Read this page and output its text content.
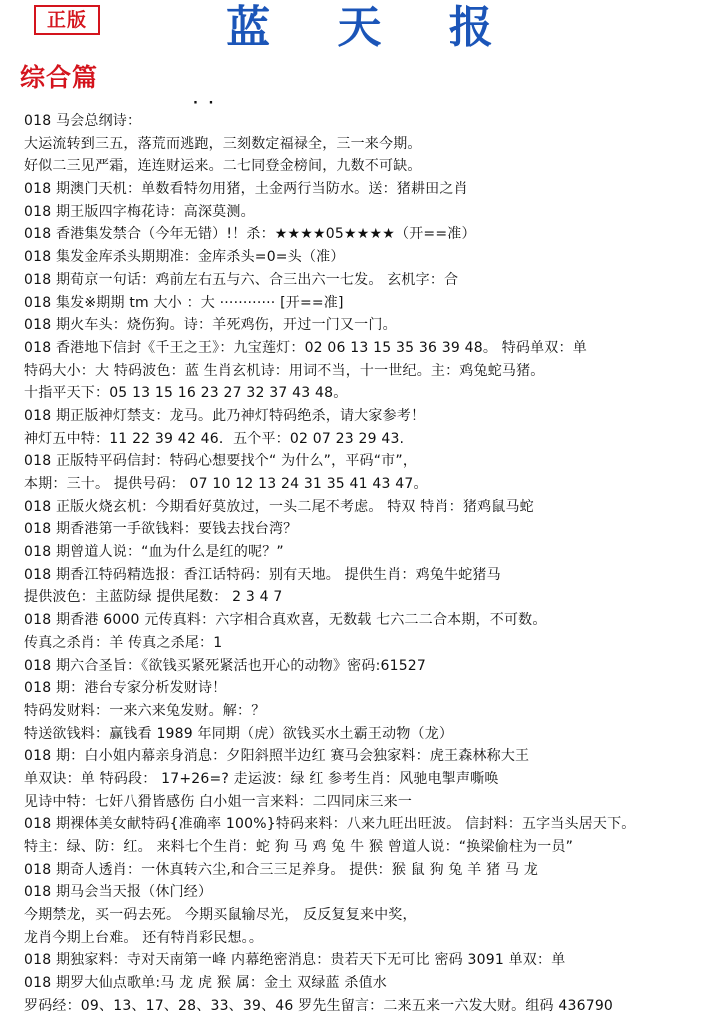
正版	蓝 天 报
综合篇
· ·
018 马会总纲诗：
大运流转到三五，落荒而逃跑，三刻数定福禄全，三一来今期。
好似二三见严霜，连连财运来。二七同登金榜间，九数不可缺。
018 期澳门天机：单数看特勿用猪，土金两行当防水。送：猪耕田之肖
018 期王版四字梅花诗：高深莫测。
018 香港集发禁合（今年无错）!！杀：★★★★05★★★★（开==准）
018 集发金库杀头期期准：金库杀头=0=头（准）
018 期荀京一句话：鸡前左右五与六、合三出六一七发。 玄机字：合
018 集发※期期 tm 大小 ：大 ············ [开==准]
018 期火车头：烧伤狗。诗：羊死鸡伤，开过一门又一门。
018 香港地下信封《千王之王》：九宝莲灯：02 06 13 15 35 36 39 48。 特码单双：单
特码大小：大 特码波色：蓝 生肖玄机诗：用词不当，十一世纪。主：鸡兔蛇马猪。
十指平天下：05 13 15 16 23 27 32 37 43 48。
018 期正版神灯禁支：龙马。此乃神灯特码绝杀，请大家参考！
神灯五中特：11 22 39 42 46．五个平：02 07 23 29 43.
018 正版特平码信封：特码心想要找个“ 为什么”，平码“市”，
本期：三十。 提供号码： 07 10 12 13 24 31 35 41 43 47。
018 正版火烧玄机：今期看好莫放过，一头二尾不考虑。 特双 特肖：猪鸡鼠马蛇
018 期香港第一手欲钱料：要钱去找台湾？
018 期曾道人说：“血为什么是红的呢？”
018 期香江特码精选报：香江话特码：别有天地。 提供生肖：鸡兔牛蛇猪马
提供波色：主蓝防绿 提供尾数： 2 3 4 7
018 期香港 6000 元传真料：六字相合真欢喜，无数载 七六二二合本期，不可数。
传真之杀肖：羊 传真之杀尾：1
018 期六合圣旨：《欲钱买紧死紧活也开心的动物》密码:61527
018 期：港台专家分析发财诗！
特码发财料：一来六来兔发财。解：？
特送欲钱料：赢钱看 1989 年同期（虎）欲钱买水土霸王动物（龙）
018 期：白小姐内幕亲身消息：夕阳斜照半边红 赛马会独家料：虎王森林称大王
单双诀：单 特码段： 17+26=? 走运波：绿 红 参考生肖：风驰电掣声嘶唤
见诗中特：七奸八猾皆感伤 白小姐一言来料：二四同床三来一
018 期裸体美女献特码{准确率 100%}特码来料：八来九旺出旺波。 信封料：五字当头居天下。
特主：绿、防：红。 来料七个生肖：蛇 狗 马 鸡 兔 牛 猴 曾道人说：“换梁偷柱为一员”
018 期奇人透肖：一休真转六尘,和合三三足养身。 提供：猴 鼠 狗 兔 羊 猪 马 龙
018 期马会当天报（休门经）
今期禁龙，买一码去死。 今期买鼠输尽光， 反反复复来中奖，
龙肖今期上台难。 还有特肖彩民想。。
018 期独家料：寺对天南第一峰 内幕绝密消息：贵若天下无可比 密码 3091 单双：单
018 期罗大仙点歌单:马 龙 虎 猴 属：金土 双绿蓝 杀值水
罗码经：09、13、17、28、33、39、46 罗先生留言：二来五来一六发大财。组码 436790
